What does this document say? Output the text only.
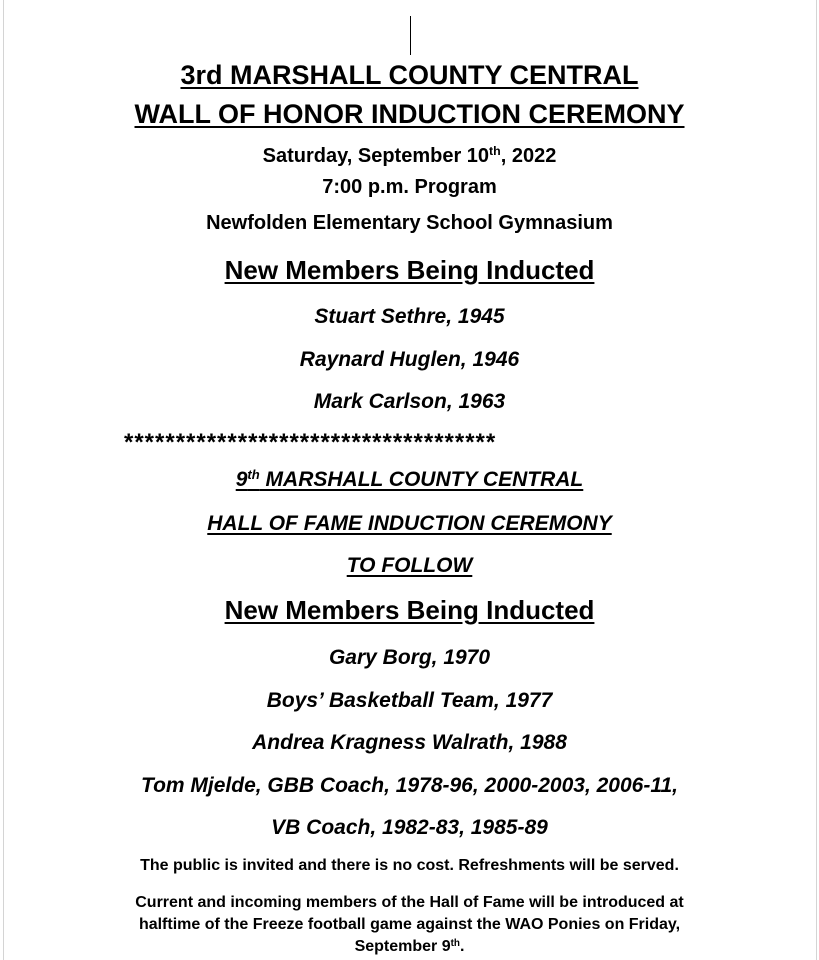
3rd MARSHALL COUNTY CENTRAL
WALL OF HONOR INDUCTION CEREMONY
Saturday, September 10th, 2022
7:00 p.m. Program
Newfolden Elementary School Gymnasium
New Members Being Inducted
Stuart Sethre, 1945
Raynard Huglen, 1946
Mark Carlson, 1963
************************************
9th MARSHALL COUNTY CENTRAL
HALL OF FAME INDUCTION CEREMONY
TO FOLLOW
New Members Being Inducted
Gary Borg, 1970
Boys’ Basketball Team, 1977
Andrea Kragness Walrath, 1988
Tom Mjelde, GBB Coach, 1978-96, 2000-2003, 2006-11,
VB Coach, 1982-83, 1985-89
The public is invited and there is no cost. Refreshments will be served.
Current and incoming members of the Hall of Fame will be introduced at
halftime of the Freeze football game against the WAO Ponies on Friday,
September 9th.
